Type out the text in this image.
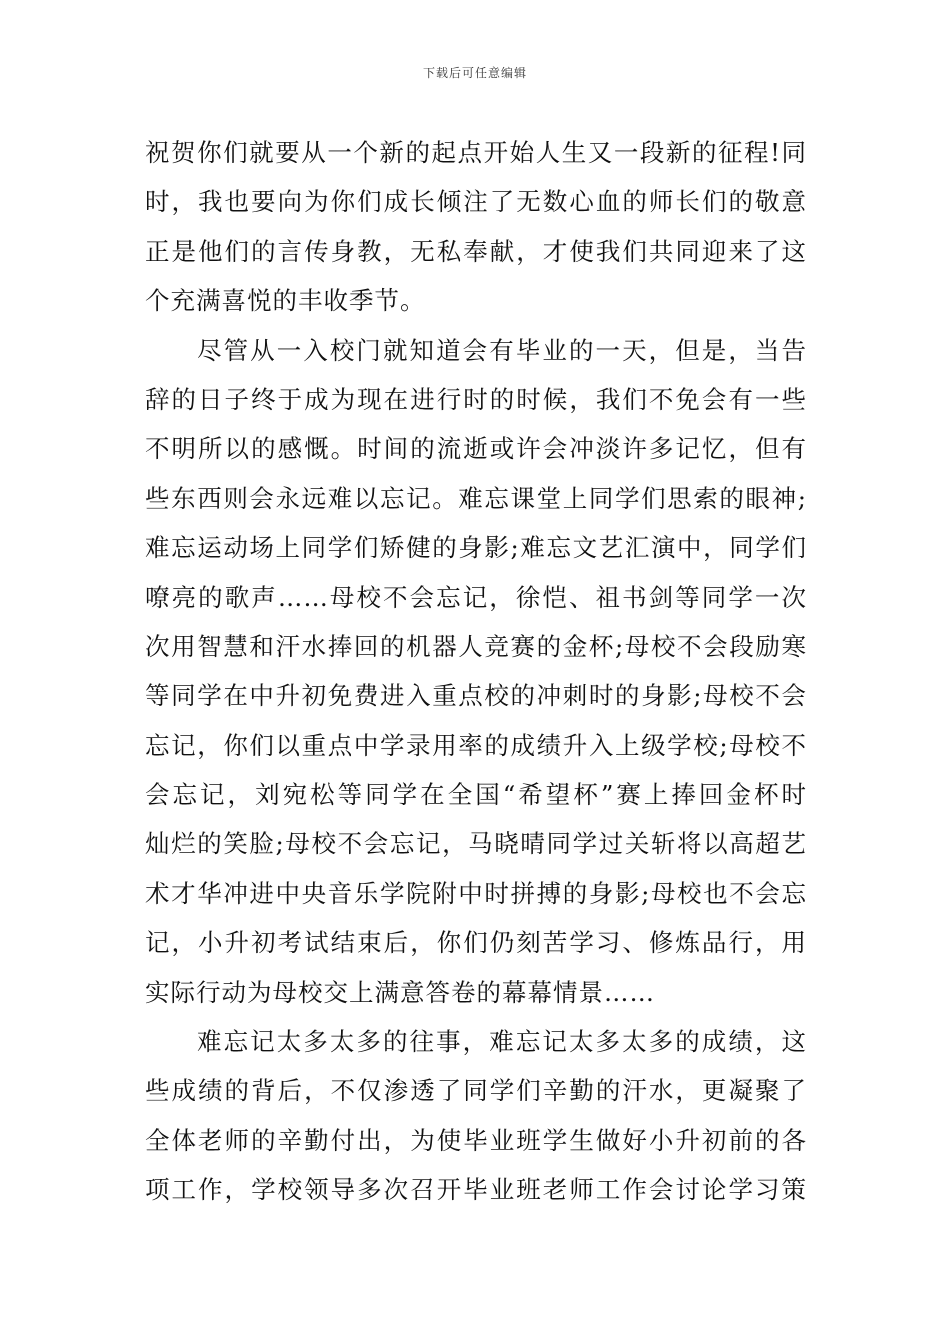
下载后可任意编辑
祝贺你们就要从一个新的起点开始人生又一段新的征程!同
时，我也要向为你们成长倾注了无数心血的师长们的敬意
正是他们的言传身教，无私奉献，才使我们共同迎来了这
个充满喜悦的丰收季节。
尽管从一入校门就知道会有毕业的一天，但是，当告
辞的日子终于成为现在进行时的时候，我们不免会有一些
不明所以的感慨。时间的流逝或许会冲淡许多记忆，但有
些东西则会永远难以忘记。难忘课堂上同学们思索的眼神;
难忘运动场上同学们矫健的身影;难忘文艺汇演中，同学们
嘹亮的歌声……母校不会忘记，徐恺、祖书剑等同学一次
次用智慧和汗水捧回的机器人竞赛的金杯;母校不会段励寒
等同学在中升初免费进入重点校的冲刺时的身影;母校不会
忘记，你们以重点中学录用率的成绩升入上级学校;母校不
会忘记，刘宛松等同学在全国“希望杯”赛上捧回金杯时
灿烂的笑脸;母校不会忘记，马晓晴同学过关斩将以高超艺
术才华冲进中央音乐学院附中时拼搏的身影;母校也不会忘
记，小升初考试结束后，你们仍刻苦学习、修炼品行，用
实际行动为母校交上满意答卷的幕幕情景……
难忘记太多太多的往事，难忘记太多太多的成绩，这
些成绩的背后，不仅渗透了同学们辛勤的汗水，更凝聚了
全体老师的辛勤付出，为使毕业班学生做好小升初前的各
项工作，学校领导多次召开毕业班老师工作会讨论学习策
